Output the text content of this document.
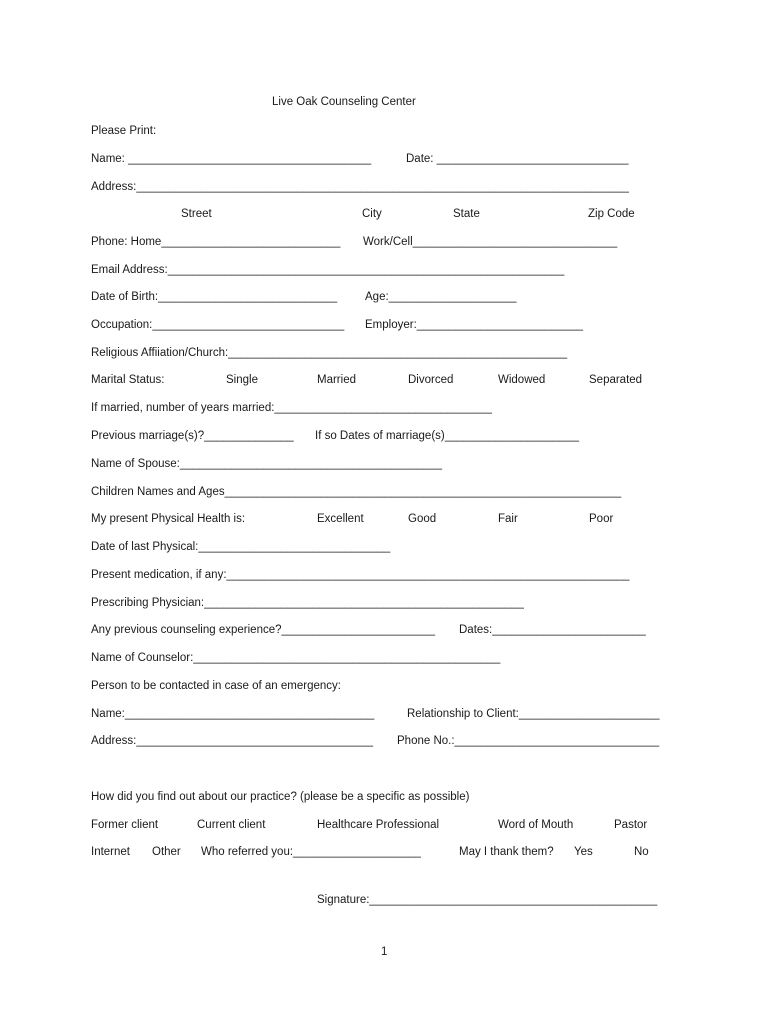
Live Oak Counseling Center
Please Print:
Name: ______________________________________	Date: ______________________________
Address:_____________________________________________________________________________
Street	City	State	Zip Code
Phone: Home____________________________ Work/Cell________________________________
Email Address:______________________________________________________________
Date of Birth:____________________________ Age:____________________
Occupation:______________________________ Employer:__________________________
Religious Affiiation/Church:_____________________________________________________
Marital Status:	Single	Married	Divorced	Widowed	Separated
If married, number of years married:__________________________________
Previous marriage(s)?______________ If so Dates of marriage(s)_____________________
Name of Spouse:_________________________________________
Children Names and Ages______________________________________________________________
My present Physical Health is:	Excellent	Good	Fair	Poor
Date of last Physical:______________________________
Present medication, if any:_______________________________________________________________
Prescribing Physician:__________________________________________________
Any previous counseling experience?________________________ Dates:________________________
Name of Counselor:________________________________________________
Person to be contacted in case of an emergency:
Name:_______________________________________	Relationship to Client:______________________
Address:_____________________________________ Phone No.:________________________________
How did you find out about our practice? (please be a specific as possible)
Former client	Current client	Healthcare Professional	Word of Mouth	Pastor
Internet Other Who referred you:____________________	May I thank them? Yes	No
Signature:_____________________________________________
1
